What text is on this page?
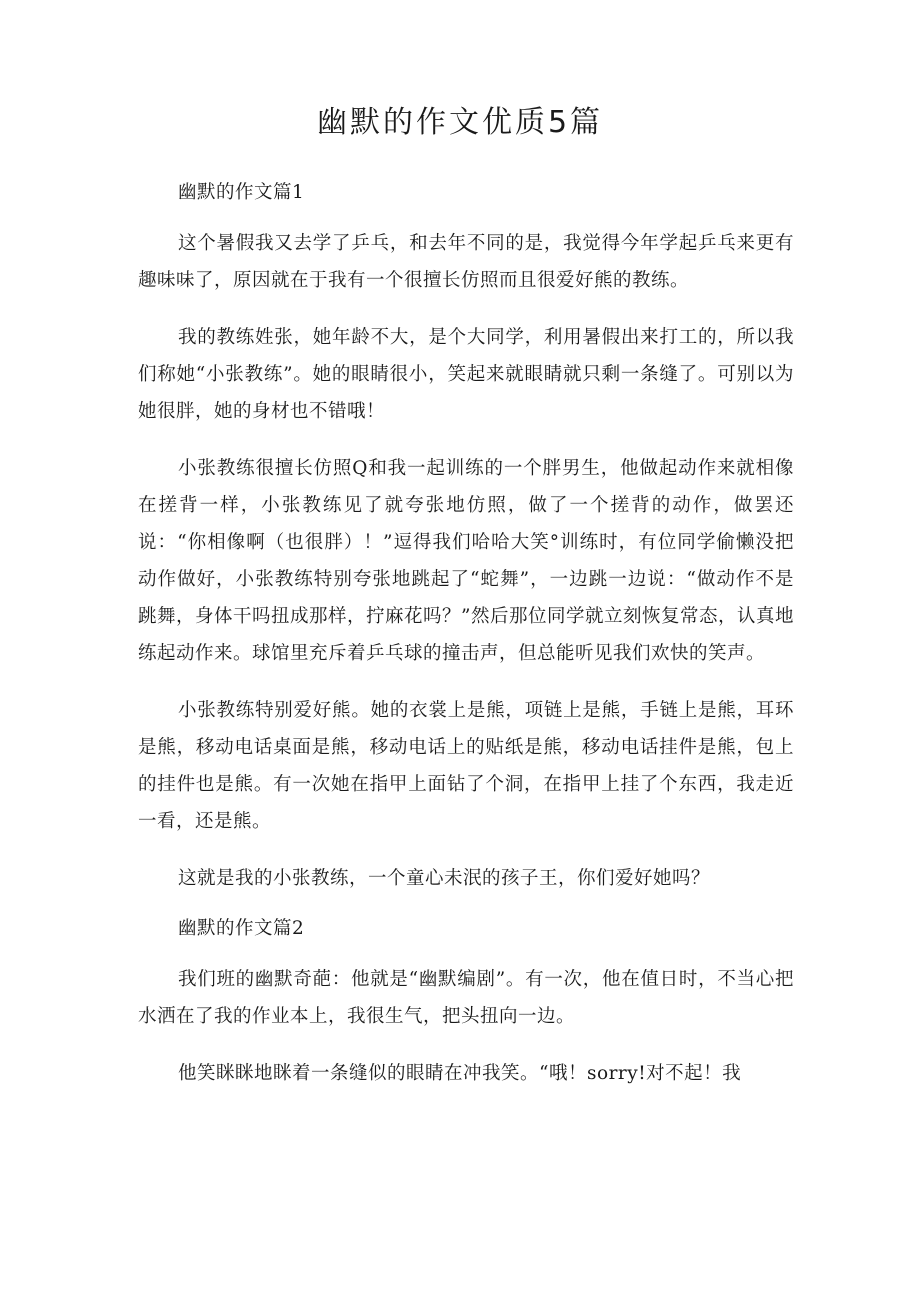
幽默的作文优质5篇

幽默的作文篇1

这个暑假我又去学了乒乓，和去年不同的是，我觉得今年学起乒乓来更有趣味味了，原因就在于我有一个很擅长仿照而且很爱好熊的教练。

我的教练姓张，她年龄不大，是个大同学，利用暑假出来打工的，所以我们称她“小张教练”。她的眼睛很小，笑起来就眼睛就只剩一条缝了。可别以为她很胖，她的身材也不错哦！

小张教练很擅长仿照Q和我一起训练的一个胖男生，他做起动作来就相像在搓背一样，小张教练见了就夸张地仿照，做了一个搓背的动作，做罢还说：“你相像啊（也很胖）！”逗得我们哈哈大笑°训练时，有位同学偷懒没把动作做好，小张教练特别夸张地跳起了“蛇舞”，一边跳一边说：“做动作不是跳舞，身体干吗扭成那样，拧麻花吗？”然后那位同学就立刻恢复常态，认真地练起动作来。球馆里充斥着乒乓球的撞击声，但总能听见我们欢快的笑声。

小张教练特别爱好熊。她的衣裳上是熊，项链上是熊，手链上是熊，耳环是熊，移动电话桌面是熊，移动电话上的贴纸是熊，移动电话挂件是熊，包上的挂件也是熊。有一次她在指甲上面钻了个洞，在指甲上挂了个东西，我走近一看，还是熊。

这就是我的小张教练，一个童心未泯的孩子王，你们爱好她吗？

幽默的作文篇2

我们班的幽默奇葩：他就是“幽默编剧”。有一次，他在值日时，不当心把水洒在了我的作业本上，我很生气，把头扭向一边。

他笑眯眯地眯着一条缝似的眼睛在冲我笑。“哦！sorry!对不起！我
